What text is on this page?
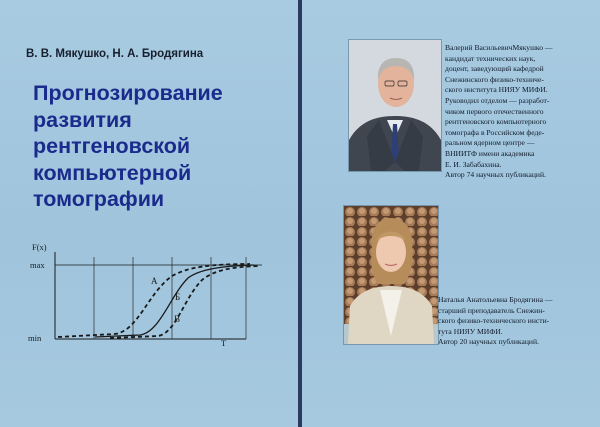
В. В. Мякушко, Н. А. Бродягина
Прогнозирование
развития
рентгеновской
компьютерной
томографии
F(x)
max
min	T
A
Б
В
Валерий ВасильевичМякушко —
кандидат технических наук,
доцент, заведующий кафедрой
Снежинского физико-техниче-
ского института НИЯУ МИФИ.
Руководил отделом — разработ-
чиком первого отечественного
рентгеновского компьютерного
томографа в Российском феде-
ральном ядерном центре —
ВНИИТФ имени академика
Е. И. Забабахина.
Автор 74 научных публикаций.
Наталья Анатольевна Бродягина —
старший преподаватель Снежин-
ского физико-технического инсти-
тута НИЯУ МИФИ.
Автор 20 научных публикаций.
